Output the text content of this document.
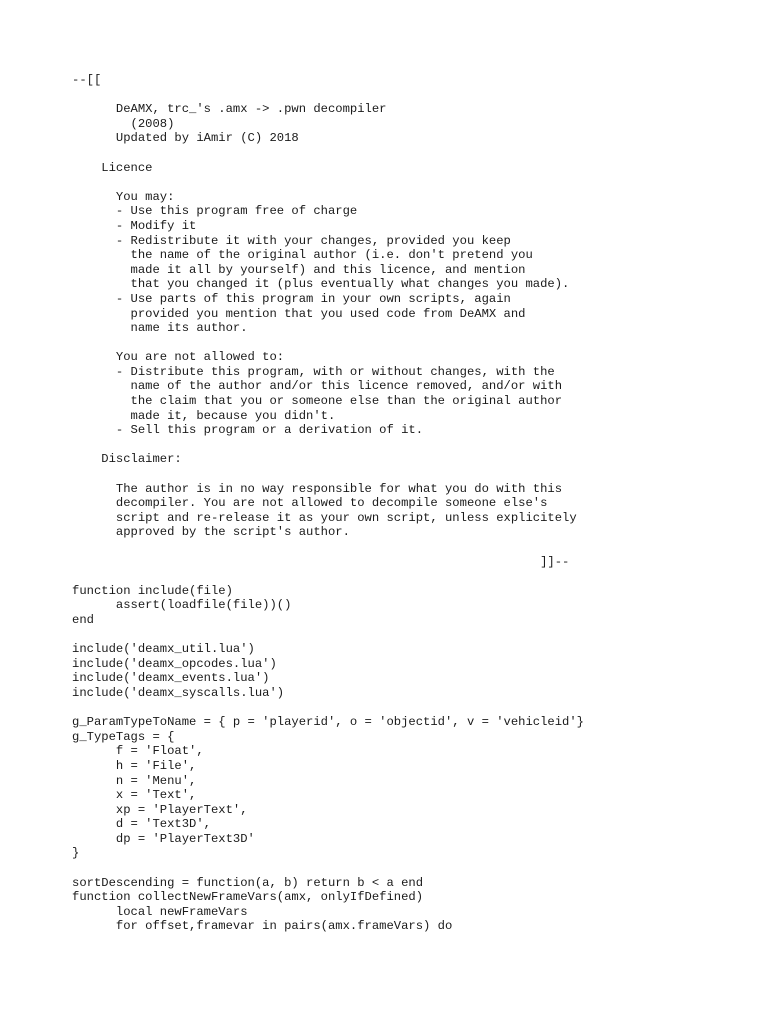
--[[
DeAMX, trc_'s .amx -> .pwn decompiler
(2008)
Updated by iAmir (C) 2018
Licence
You may:
- Use this program free of charge
- Modify it
- Redistribute it with your changes, provided you keep
the name of the original author (i.e. don't pretend you
made it all by yourself) and this licence, and mention
that you changed it (plus eventually what changes you made).
- Use parts of this program in your own scripts, again
provided you mention that you used code from DeAMX and
name its author.
You are not allowed to:
- Distribute this program, with or without changes, with the
name of the author and/or this licence removed, and/or with
the claim that you or someone else than the original author
made it, because you didn't.
- Sell this program or a derivation of it.
Disclaimer:
The author is in no way responsible for what you do with this
decompiler. You are not allowed to decompile someone else's
script and re-release it as your own script, unless explicitely
approved by the script's author.
]]--
function include(file)
assert(loadfile(file))()
end
include('deamx_util.lua')
include('deamx_opcodes.lua')
include('deamx_events.lua')
include('deamx_syscalls.lua')
g_ParamTypeToName = { p = 'playerid', o = 'objectid', v = 'vehicleid'}
g_TypeTags = {
f = 'Float',
h = 'File',
n = 'Menu',
x = 'Text',
xp = 'PlayerText',
d = 'Text3D',
dp = 'PlayerText3D'
}
sortDescending = function(a, b) return b < a end
function collectNewFrameVars(amx, onlyIfDefined)
local newFrameVars
for offset,framevar in pairs(amx.frameVars) do
